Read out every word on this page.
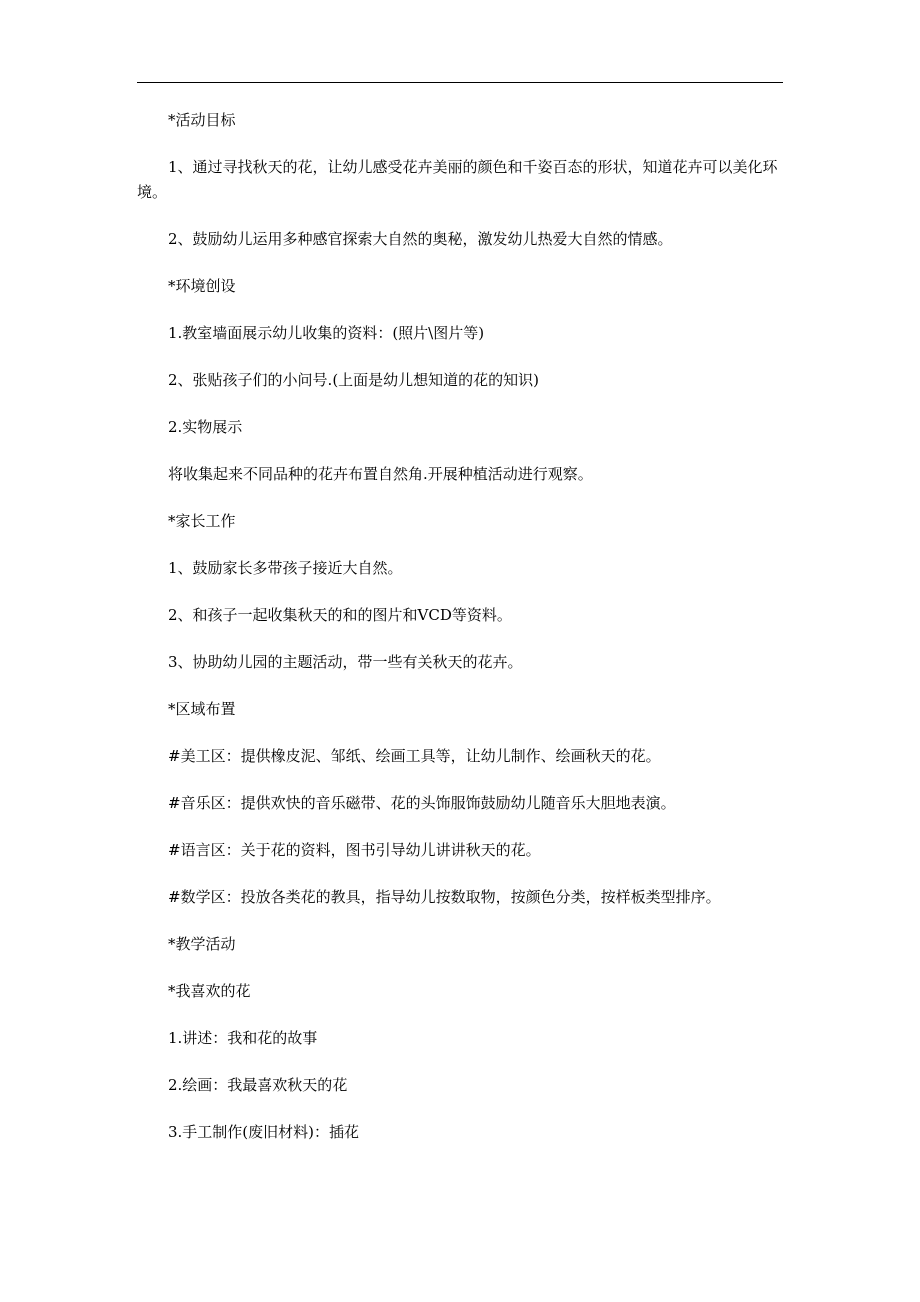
*活动目标

1、通过寻找秋天的花，让幼儿感受花卉美丽的颜色和千姿百态的形状，知道花卉可以美化环境。

2、鼓励幼儿运用多种感官探索大自然的奥秘，激发幼儿热爱大自然的情感。

*环境创设

1.教室墙面展示幼儿收集的资料：(照片\图片等)

2、张贴孩子们的小问号.(上面是幼儿想知道的花的知识)

2.实物展示

将收集起来不同品种的花卉布置自然角.开展种植活动进行观察。

*家长工作

1、鼓励家长多带孩子接近大自然。

2、和孩子一起收集秋天的和的图片和VCD等资料。

3、协助幼儿园的主题活动，带一些有关秋天的花卉。

*区域布置

#美工区：提供橡皮泥、邹纸、绘画工具等，让幼儿制作、绘画秋天的花。

#音乐区：提供欢快的音乐磁带、花的头饰服饰鼓励幼儿随音乐大胆地表演。

#语言区：关于花的资料，图书引导幼儿讲讲秋天的花。

#数学区：投放各类花的教具，指导幼儿按数取物，按颜色分类，按样板类型排序。

*教学活动

*我喜欢的花

1.讲述：我和花的故事

2.绘画：我最喜欢秋天的花

3.手工制作(废旧材料)：插花
